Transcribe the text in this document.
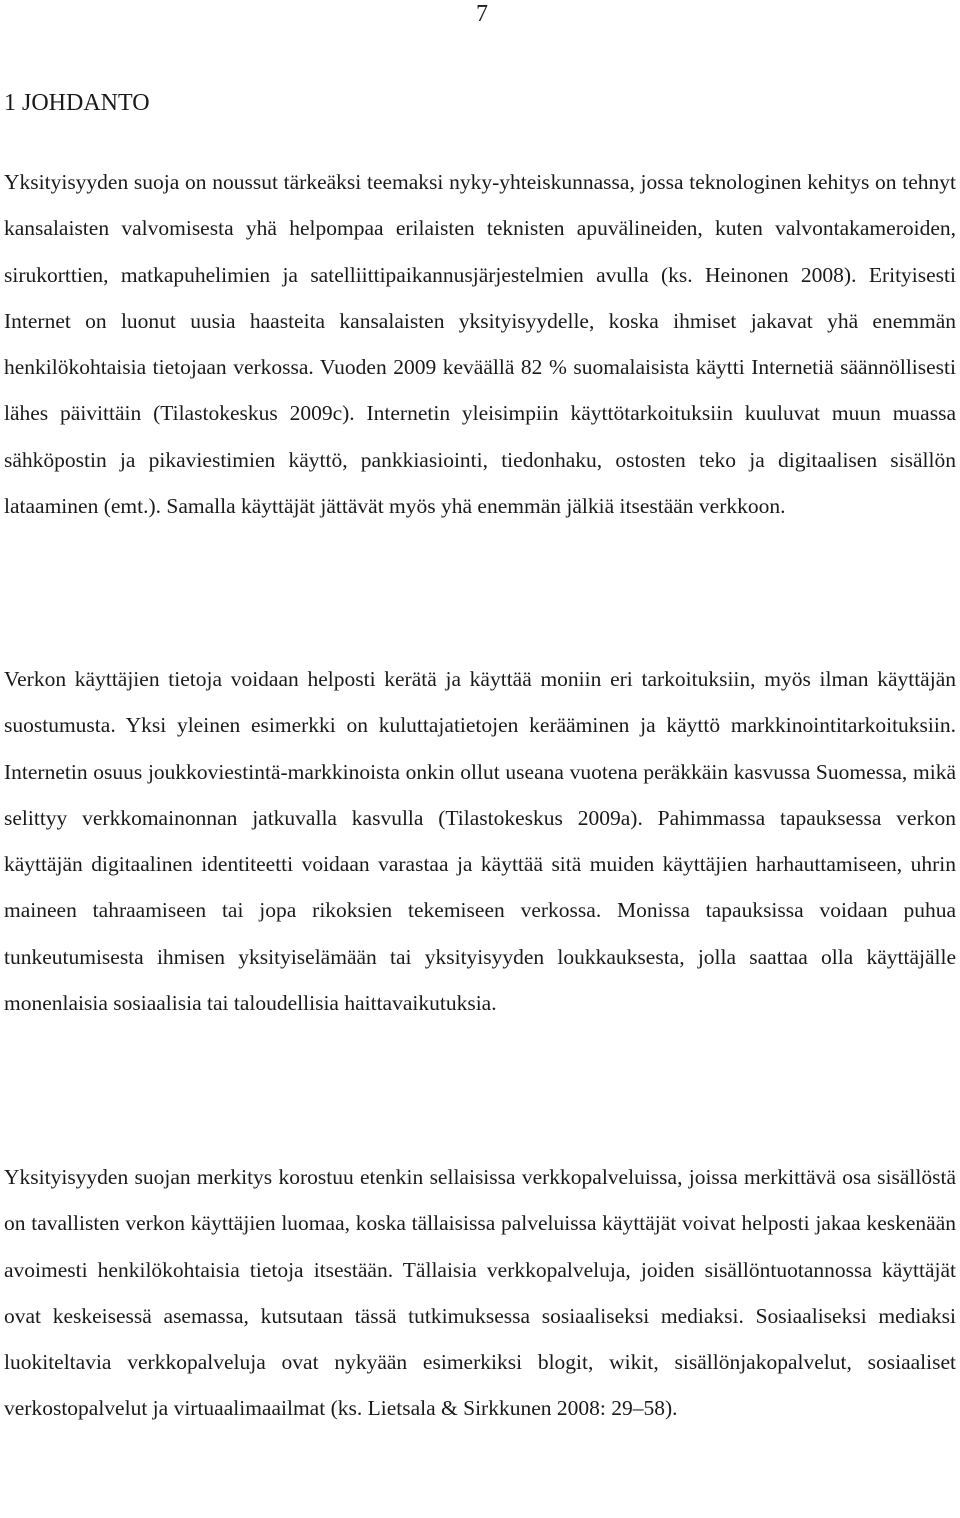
7
1 JOHDANTO

Yksityisyyden suoja on noussut tärkeäksi teemaksi nyky-yhteiskunnassa, jossa teknologinen kehitys on tehnyt kansalaisten valvomisesta yhä helpompaa erilaisten teknisten apuvälineiden, kuten valvontakameroiden, sirukorttien, matkapuhelimien ja satelliittipaikannusjärjestelmien avulla (ks. Heinonen 2008). Erityisesti Internet on luonut uusia haasteita kansalaisten yksityisyydelle, koska ihmiset jakavat yhä enemmän henkilökohtaisia tietojaan verkossa. Vuoden 2009 keväällä 82 % suomalaisista käytti Internetiä säännöllisesti lähes päivittäin (Tilastokeskus 2009c). Internetin yleisimpiin käyttötarkoituksiin kuuluvat muun muassa sähköpostin ja pikaviestimien käyttö, pankkiasiointi, tiedonhaku, ostosten teko ja digitaalisen sisällön lataaminen (emt.). Samalla käyttäjät jättävät myös yhä enemmän jälkiä itsestään verkkoon.

Verkon käyttäjien tietoja voidaan helposti kerätä ja käyttää moniin eri tarkoituksiin, myös ilman käyttäjän suostumusta. Yksi yleinen esimerkki on kuluttajatietojen kerääminen ja käyttö markkinointitarkoituksiin. Internetin osuus joukkoviestintä-markkinoista onkin ollut useana vuotena peräkkäin kasvussa Suomessa, mikä selittyy verkkomainonnan jatkuvalla kasvulla (Tilastokeskus 2009a). Pahimmassa tapauksessa verkon käyttäjän digitaalinen identiteetti voidaan varastaa ja käyttää sitä muiden käyttäjien harhauttamiseen, uhrin maineen tahraamiseen tai jopa rikoksien tekemiseen verkossa. Monissa tapauksissa voidaan puhua tunkeutumisesta ihmisen yksityiselämään tai yksityisyyden loukkauksesta, jolla saattaa olla käyttäjälle monenlaisia sosiaalisia tai taloudellisia haittavaikutuksia.

Yksityisyyden suojan merkitys korostuu etenkin sellaisissa verkkopalveluissa, joissa merkittävä osa sisällöstä on tavallisten verkon käyttäjien luomaa, koska tällaisissa palveluissa käyttäjät voivat helposti jakaa keskenään avoimesti henkilökohtaisia tietoja itsestään. Tällaisia verkkopalveluja, joiden sisällöntuotannossa käyttäjät ovat keskeisessä asemassa, kutsutaan tässä tutkimuksessa sosiaaliseksi mediaksi. Sosiaaliseksi mediaksi luokiteltavia verkkopalveluja ovat nykyään esimerkiksi blogit, wikit, sisällönjakopalvelut, sosiaaliset verkostopalvelut ja virtuaalimaailmat (ks. Lietsala & Sirkkunen 2008: 29–58).
